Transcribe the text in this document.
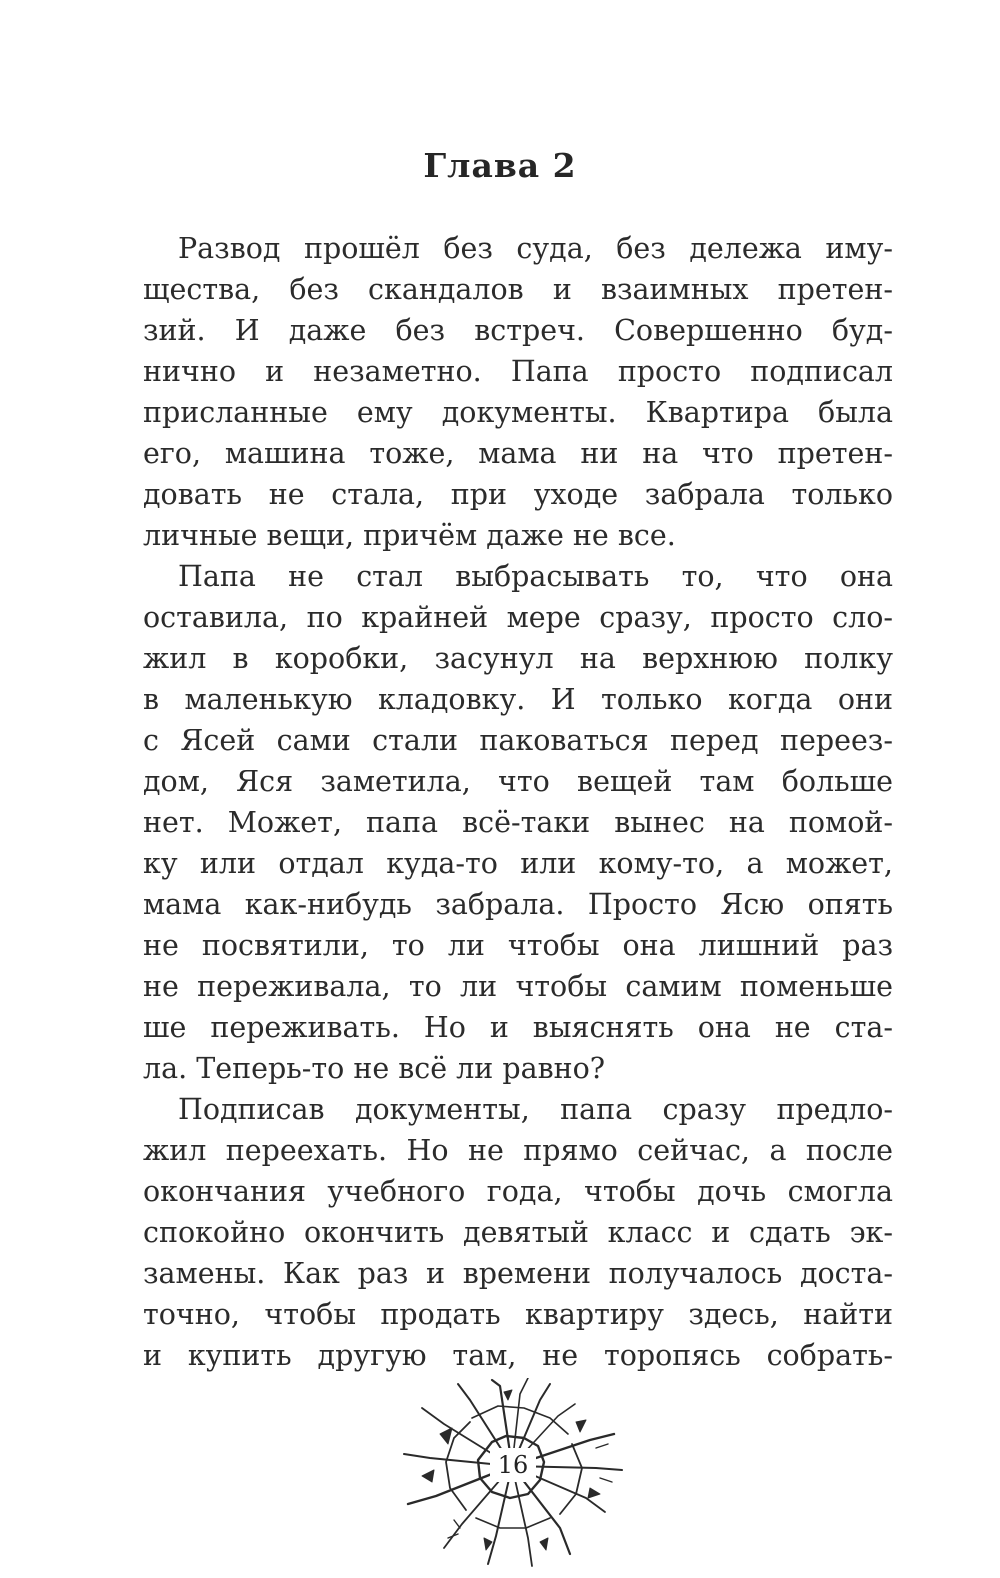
Глава 2
Развод прошёл без суда, без дележа иму-
щества, без скандалов и взаимных претен-
зий. И даже без встреч. Совершенно буд-
нично и незаметно. Папа просто подписал
присланные ему документы. Квартира была
его, машина тоже, мама ни на что претен-
довать не стала, при уходе забрала только
личные вещи, причём даже не все.
Папа не стал выбрасывать то, что она
оставила, по крайней мере сразу, просто сло-
жил в коробки, засунул на верхнюю полку
в маленькую кладовку. И только когда они
с Ясей сами стали паковаться перед переез-
дом, Яся заметила, что вещей там больше
нет. Может, папа всё-таки вынес на помой-
ку или отдал куда-то или кому-то, а может,
мама как-нибудь забрала. Просто Ясю опять
не посвятили, то ли чтобы она лишний раз
не переживала, то ли чтобы самим поменьше
ше переживать. Но и выяснять она не ста-
ла. Теперь-то не всё ли равно?
Подписав документы, папа сразу предло-
жил переехать. Но не прямо сейчас, а после
окончания учебного года, чтобы дочь смогла
спокойно окончить девятый класс и сдать эк-
замены. Как раз и времени получалось доста-
точно, чтобы продать квартиру здесь, найти
и купить другую там, не торопясь собрать-
16
